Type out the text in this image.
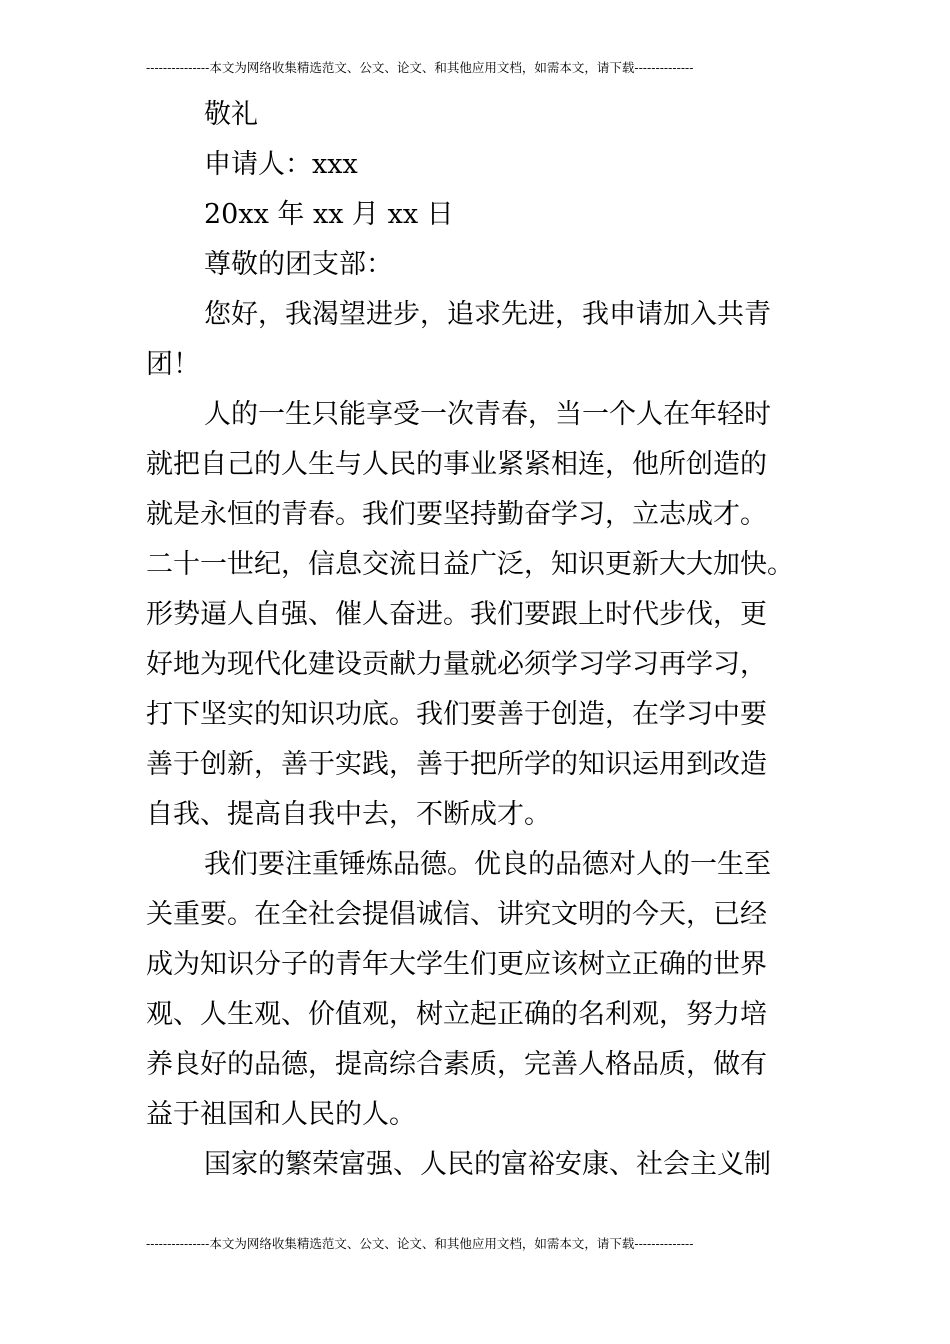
---------------本文为网络收集精选范文、公文、论文、和其他应用文档，如需本文，请下载--------------
敬礼
申请人：xxx
20xx 年 xx 月 xx 日
尊敬的团支部：
您好，我渴望进步，追求先进，我申请加入共青
团！
人的一生只能享受一次青春，当一个人在年轻时
就把自己的人生与人民的事业紧紧相连，他所创造的
就是永恒的青春。我们要坚持勤奋学习，立志成才。
二十一世纪，信息交流日益广泛，知识更新大大加快。
形势逼人自强、催人奋进。我们要跟上时代步伐，更
好地为现代化建设贡献力量就必须学习学习再学习，
打下坚实的知识功底。我们要善于创造，在学习中要
善于创新，善于实践，善于把所学的知识运用到改造
自我、提高自我中去，不断成才。
我们要注重锤炼品德。优良的品德对人的一生至
关重要。在全社会提倡诚信、讲究文明的今天，已经
成为知识分子的青年大学生们更应该树立正确的世界
观、人生观、价值观，树立起正确的名利观，努力培
养良好的品德，提高综合素质，完善人格品质，做有
益于祖国和人民的人。
国家的繁荣富强、人民的富裕安康、社会主义制
---------------本文为网络收集精选范文、公文、论文、和其他应用文档，如需本文，请下载--------------
